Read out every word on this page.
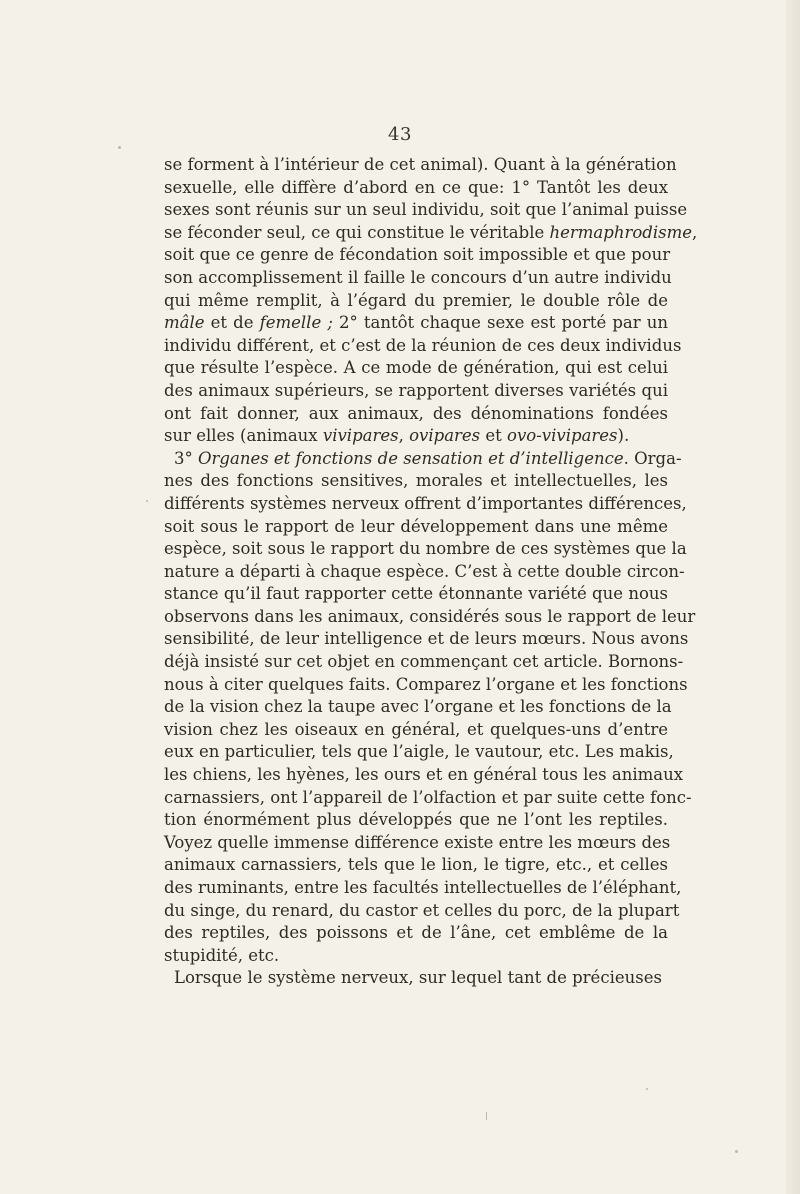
43
se forment à l’intérieur de cet animal). Quant à la génération
sexuelle, elle diffère d’abord en ce que: 1° Tantôt les deux
sexes sont réunis sur un seul individu, soit que l’animal puisse
se féconder seul, ce qui constitue le véritable hermaphrodisme,
soit que ce genre de fécondation soit impossible et que pour
son accomplissement il faille le concours d’un autre individu
qui même remplit, à l’égard du premier, le double rôle de
mâle et de femelle ; 2° tantôt chaque sexe est porté par un
individu différent, et c’est de la réunion de ces deux individus
que résulte l’espèce. A ce mode de génération, qui est celui
des animaux supérieurs, se rapportent diverses variétés qui
ont fait donner, aux animaux, des dénominations fondées
sur elles (animaux vivipares, ovipares et ovo-vivipares).
3° Organes et fonctions de sensation et d’intelligence. Orga-
nes des fonctions sensitives, morales et intellectuelles, les
différents systèmes nerveux offrent d’importantes différences,
soit sous le rapport de leur développement dans une même
espèce, soit sous le rapport du nombre de ces systèmes que la
nature a départi à chaque espèce. C’est à cette double circon-
stance qu’il faut rapporter cette étonnante variété que nous
observons dans les animaux, considérés sous le rapport de leur
sensibilité, de leur intelligence et de leurs mœurs. Nous avons
déjà insisté sur cet objet en commençant cet article. Bornons-
nous à citer quelques faits. Comparez l’organe et les fonctions
de la vision chez la taupe avec l’organe et les fonctions de la
vision chez les oiseaux en général, et quelques-uns d’entre
eux en particulier, tels que l’aigle, le vautour, etc. Les makis,
les chiens, les hyènes, les ours et en général tous les animaux
carnassiers, ont l’appareil de l’olfaction et par suite cette fonc-
tion énormément plus développés que ne l’ont les reptiles.
Voyez quelle immense différence existe entre les mœurs des
animaux carnassiers, tels que le lion, le tigre, etc., et celles
des ruminants, entre les facultés intellectuelles de l’éléphant,
du singe, du renard, du castor et celles du porc, de la plupart
des reptiles, des poissons et de l’âne, cet emblême de la
stupidité, etc.
Lorsque le système nerveux, sur lequel tant de précieuses
